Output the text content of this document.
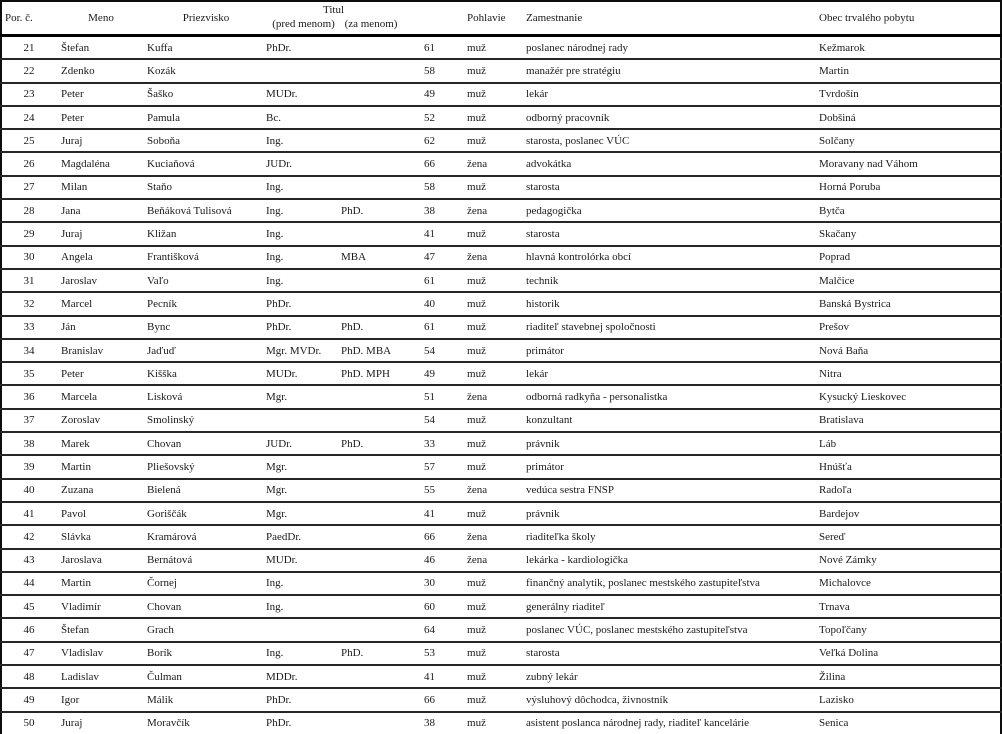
Por. č.	Meno	Priezvisko	Titul			Pohlavie	Zamestnanie	Obec trvalého pobytu
			(pred menom)	(za menom)				
21	Štefan	Kuffa	PhDr.		61	muž	poslanec národnej rady	Kežmarok
22	Zdenko	Kozák			58	muž	manažér pre stratégiu	Martin
23	Peter	Šaško	MUDr.		49	muž	lekár	Tvrdošín
24	Peter	Pamula	Bc.		52	muž	odborný pracovník	Dobšiná
25	Juraj	Soboňa	Ing.		62	muž	starosta, poslanec VÚC	Solčany
26	Magdaléna	Kuciaňová	JUDr.		66	žena	advokátka	Moravany nad Váhom
27	Milan	Staňo	Ing.		58	muž	starosta	Horná Poruba
28	Jana	Beňáková Tulisová	Ing.	PhD.	38	žena	pedagogička	Bytča
29	Juraj	Kližan	Ing.		41	muž	starosta	Skačany
30	Angela	Františková	Ing.	MBA	47	žena	hlavná kontrolórka obcí	Poprad
31	Jaroslav	Vaľo	Ing.		61	muž	technik	Malčice
32	Marcel	Pecník	PhDr.		40	muž	historik	Banská Bystrica
33	Ján	Bync	PhDr.	PhD.	61	muž	riaditeľ stavebnej spoločnosti	Prešov
34	Branislav	Jaďuď	Mgr. MVDr.	PhD. MBA	54	muž	primátor	Nová Baňa
35	Peter	Kišška	MUDr.	PhD. MPH	49	muž	lekár	Nitra
36	Marcela	Lisková	Mgr.		51	žena	odborná radkyňa - personalistka	Kysucký Lieskovec
37	Zoroslav	Smolinský			54	muž	konzultant	Bratislava
38	Marek	Chovan	JUDr.	PhD.	33	muž	právnik	Láb
39	Martin	Pliešovský	Mgr.		57	muž	primátor	Hnúšťa
40	Zuzana	Bielená	Mgr.		55	žena	vedúca sestra FNSP	Radoľa
41	Pavol	Goriščák	Mgr.		41	muž	právnik	Bardejov
42	Slávka	Kramárová	PaedDr.		66	žena	riaditeľka školy	Sereď
43	Jaroslava	Bernátová	MUDr.		46	žena	lekárka - kardiologička	Nové Zámky
44	Martin	Čornej	Ing.		30	muž	finančný analytik, poslanec mestského zastupiteľstva	Michalovce
45	Vladimír	Chovan	Ing.		60	muž	generálny riaditeľ	Trnava
46	Štefan	Grach			64	muž	poslanec VÚC, poslanec mestského zastupiteľstva	Topoľčany
47	Vladislav	Borík	Ing.	PhD.	53	muž	starosta	Veľká Dolina
48	Ladislav	Čulman	MDDr.		41	muž	zubný lekár	Žilina
49	Igor	Málik	PhDr.		66	muž	výsluhový dôchodca, živnostník	Lazisko
50	Juraj	Moravčík	PhDr.		38	muž	asistent poslanca národnej rady, riaditeľ kancelárie	Senica
